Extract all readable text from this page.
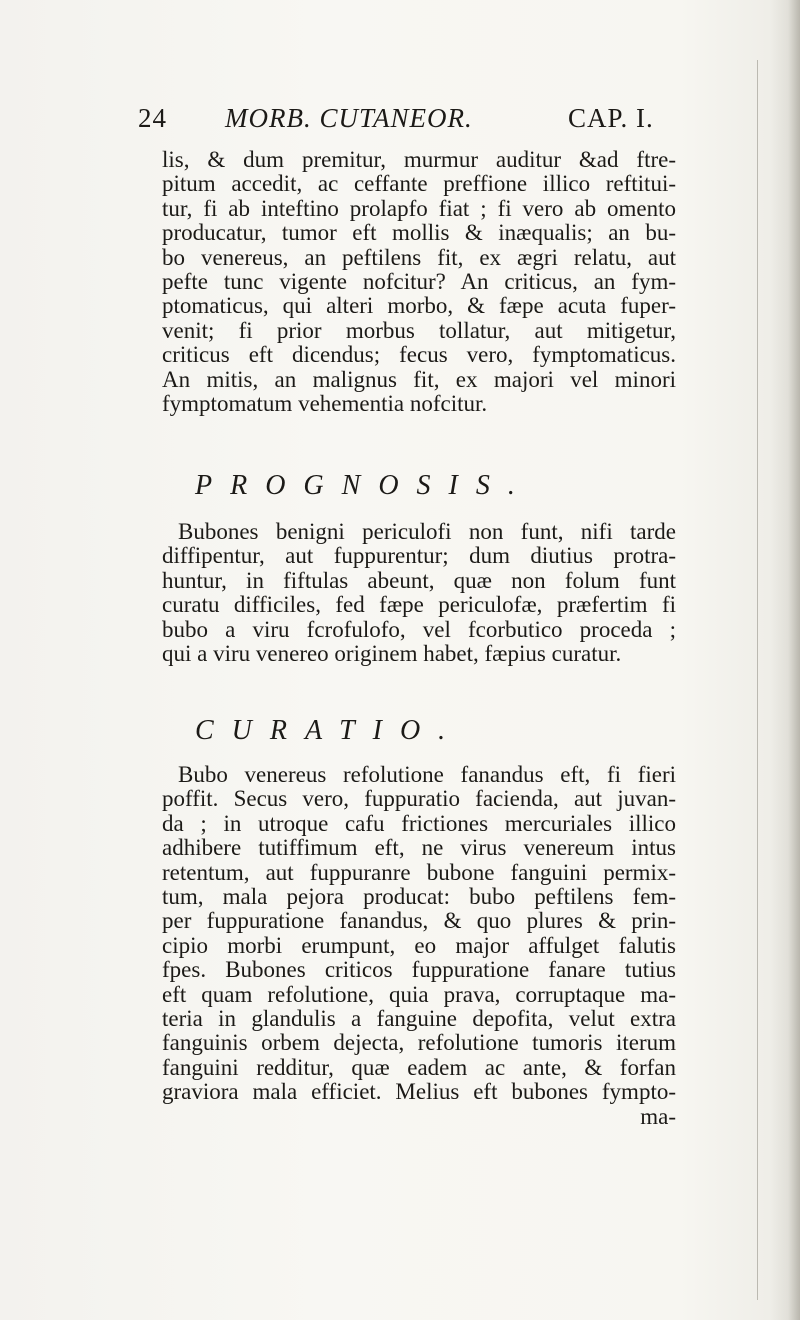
24 MORB. CUTANEOR.	CAP. I.
lis, & dum premitur, murmur auditur &ad ftre-
pitum accedit, ac ceffante preffione illico reftitui-
tur, fi ab inteftino prolapfo fiat ; fi vero ab omento
producatur, tumor eft mollis & inæqualis; an bu-
bo venereus, an peftilens fit, ex ægri relatu, aut
pefte tunc vigente nofcitur? An criticus, an fym-
ptomaticus, qui alteri morbo, & fæpe acuta fuper-
venit; fi prior morbus tollatur, aut mitigetur,
criticus eft dicendus; fecus vero, fymptomaticus.
An mitis, an malignus fit, ex majori vel minori
fymptomatum vehementia nofcitur.
PROGNOSIS.
Bubones benigni periculofi non funt, nifi tarde
diffipentur, aut fuppurentur; dum diutius protra-
huntur, in fiftulas abeunt, quæ non folum funt
curatu difficiles, fed fæpe periculofæ, præfertim fi
bubo a viru fcrofulofo, vel fcorbutico proceda ;
qui a viru venereo originem habet, fæpius curatur.
CURATIO.
Bubo venereus refolutione fanandus eft, fi fieri
poffit. Secus vero, fuppuratio facienda, aut juvan-
da ; in utroque cafu frictiones mercuriales illico
adhibere tutiffimum eft, ne virus venereum intus
retentum, aut fuppuranre bubone fanguini permix-
tum, mala pejora producat: bubo peftilens fem-
per fuppuratione fanandus, & quo plures & prin-
cipio morbi erumpunt, eo major affulget falutis
fpes. Bubones criticos fuppuratione fanare tutius
eft quam refolutione, quia prava, corruptaque ma-
teria in glandulis a fanguine depofita, velut extra
fanguinis orbem dejecta, refolutione tumoris iterum
fanguini redditur, quæ eadem ac ante, & forfan
graviora mala efficiet. Melius eft bubones fympto-
ma-
